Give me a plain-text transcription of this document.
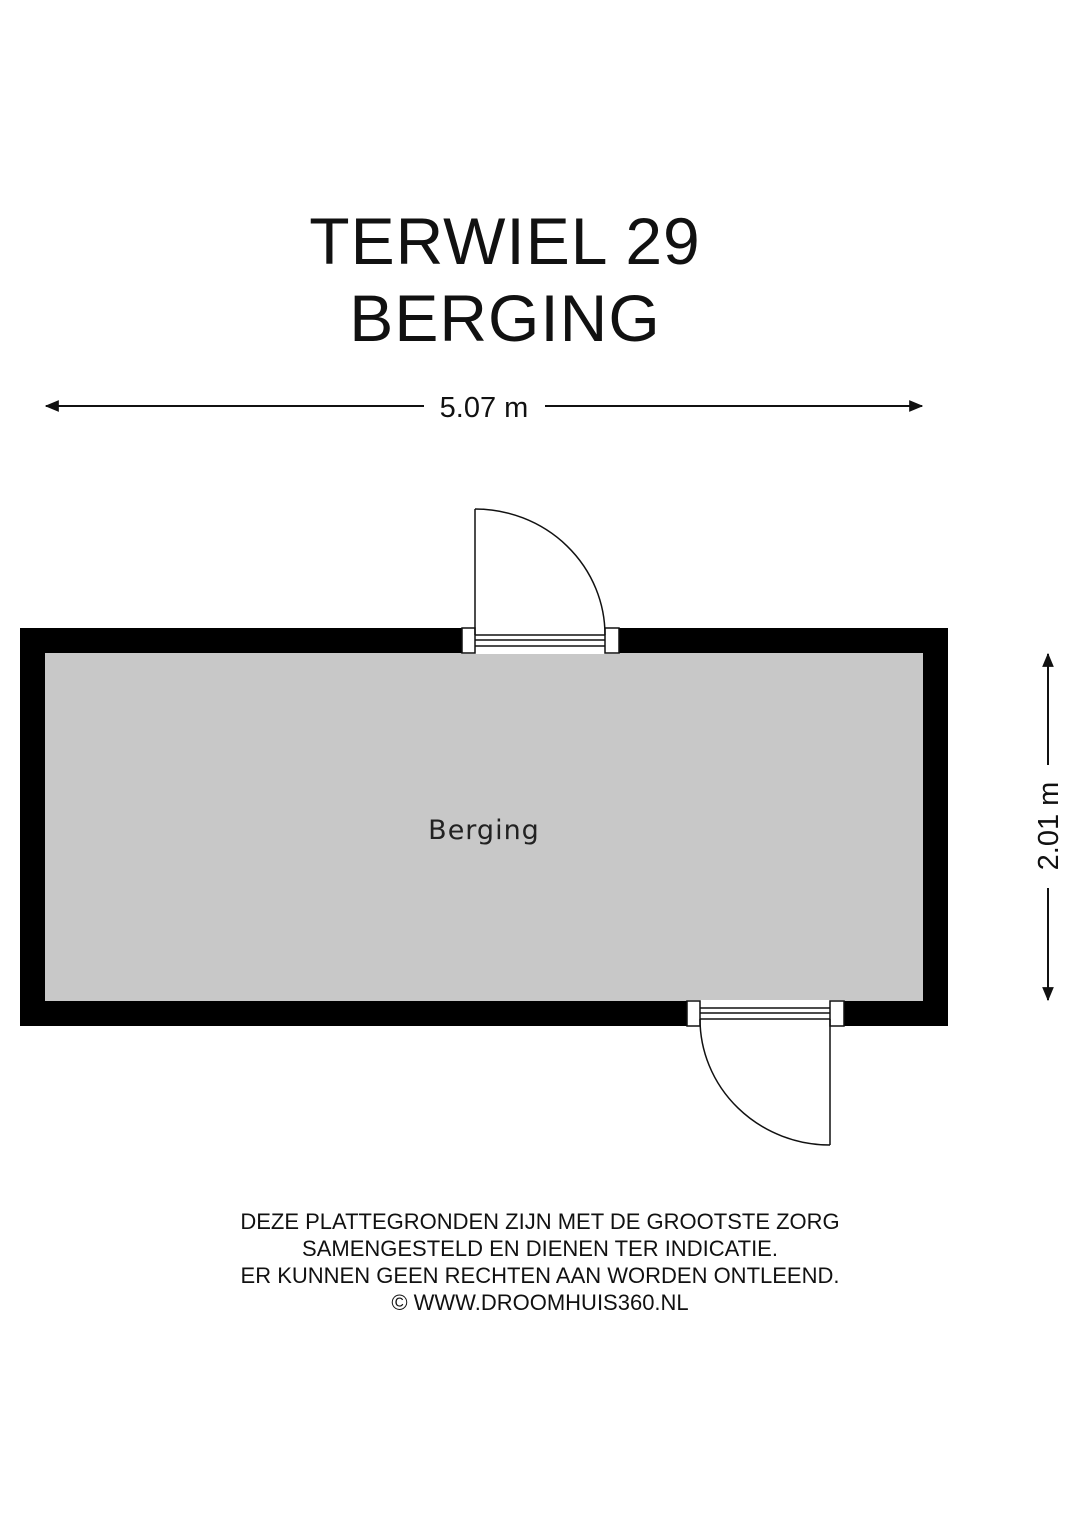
TERWIEL 29
BERGING
5.07 m
2.01 m
Berging
DEZE PLATTEGRONDEN ZIJN MET DE GROOTSTE ZORG
SAMENGESTELD EN DIENEN TER INDICATIE.
ER KUNNEN GEEN RECHTEN AAN WORDEN ONTLEEND.
© WWW.DROOMHUIS360.NL
